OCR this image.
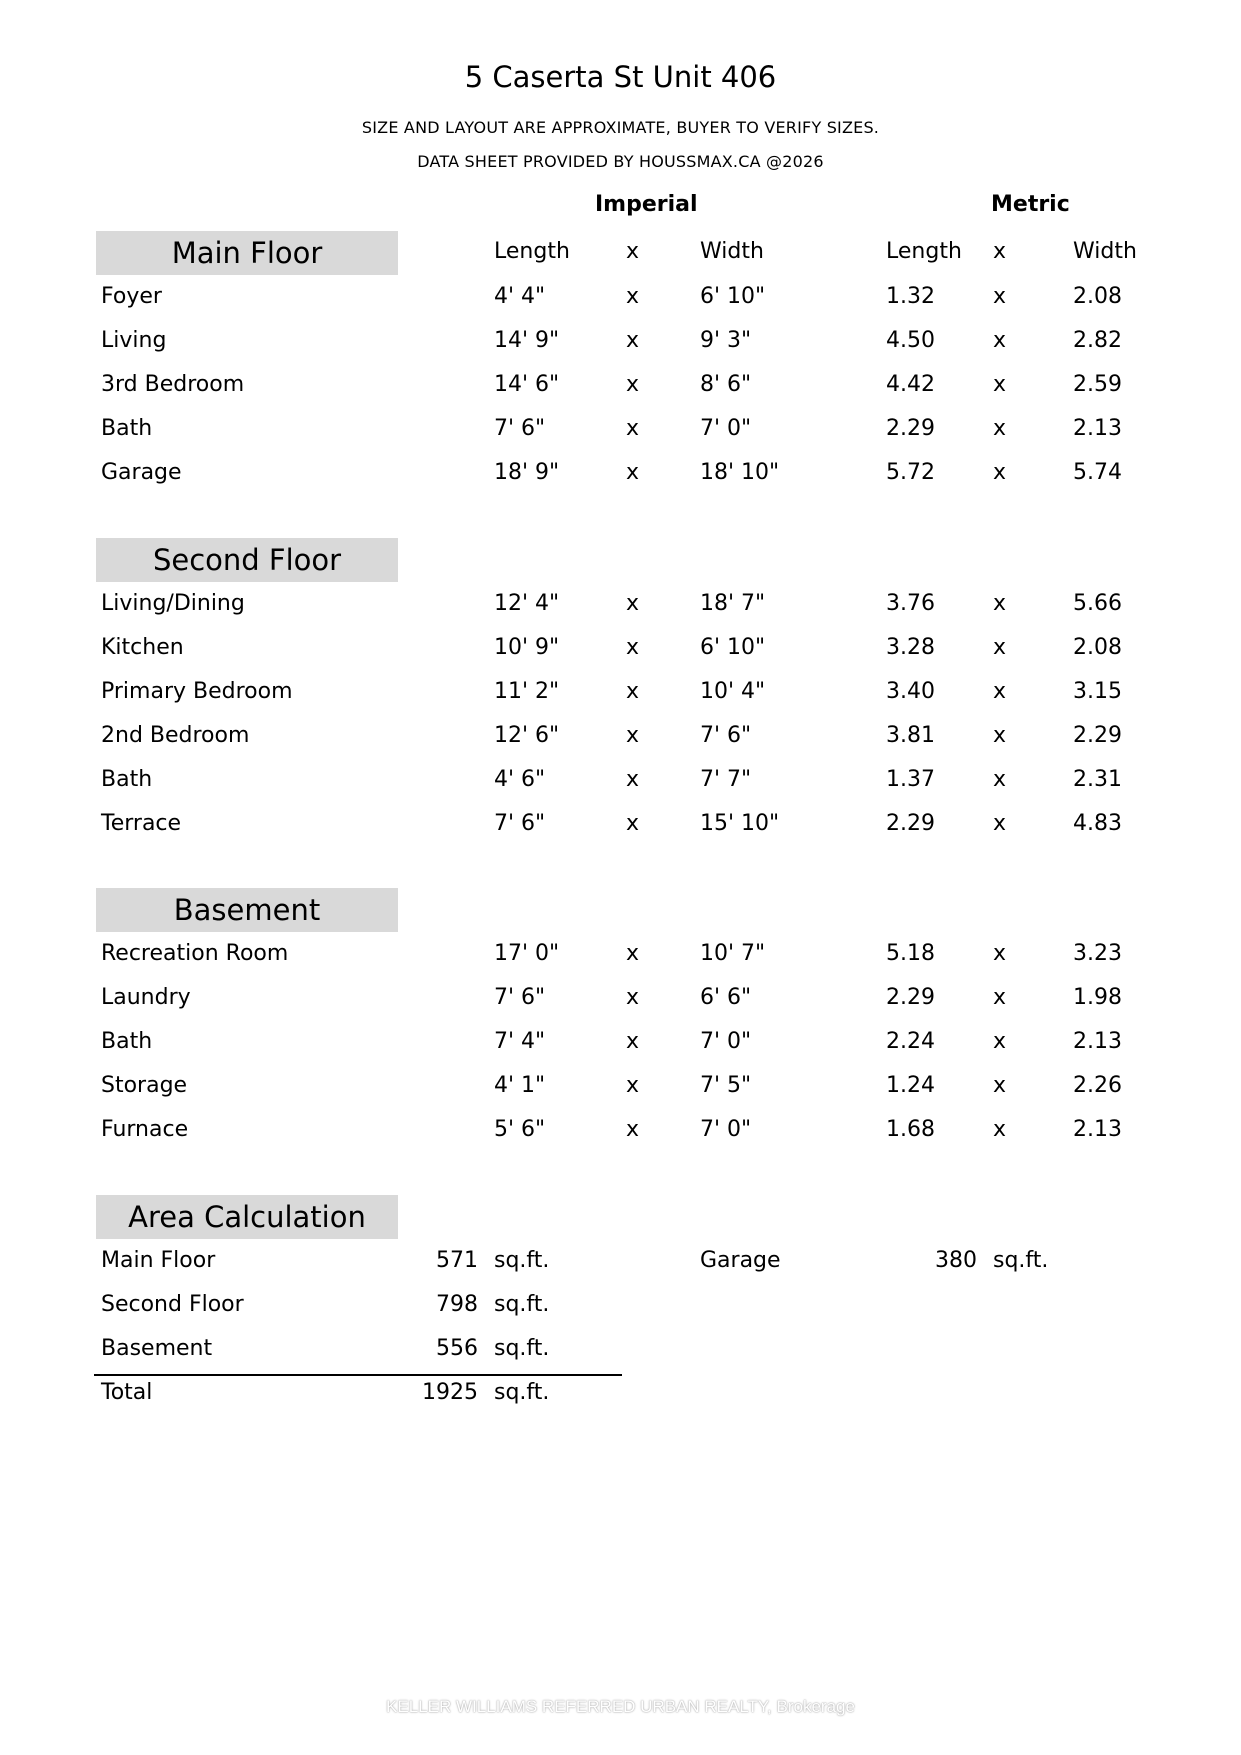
5 Caserta St Unit 406
SIZE AND LAYOUT ARE APPROXIMATE, BUYER TO VERIFY SIZES.
DATA SHEET PROVIDED BY HOUSSMAX.CA @2026
Imperial	Metric
Main Floor	Length	x	Width	Length x	Width
Foyer	4' 4"	x	6' 10"	1.32	x	2.08
Living	14' 9"	x	9' 3"	4.50	x	2.82
3rd Bedroom	14' 6"	x	8' 6"	4.42	x	2.59
Bath	7' 6"	x	7' 0"	2.29	x	2.13
Garage	18' 9"	x	18' 10"	5.72	x	5.74
Second Floor
Living/Dining	12' 4"	x	18' 7"	3.76	x	5.66
Kitchen	10' 9"	x	6' 10"	3.28	x	2.08
Primary Bedroom	11' 2"	x	10' 4"	3.40	x	3.15
2nd Bedroom	12' 6"	x	7' 6"	3.81	x	2.29
Bath	4' 6"	x	7' 7"	1.37	x	2.31
Terrace	7' 6"	x	15' 10"	2.29	x	4.83
Basement
Recreation Room	17' 0"	x	10' 7"	5.18	x	3.23
Laundry	7' 6"	x	6' 6"	2.29	x	1.98
Bath	7' 4"	x	7' 0"	2.24	x	2.13
Storage	4' 1"	x	7' 5"	1.24	x	2.26
Furnace	5' 6"	x	7' 0"	1.68	x	2.13
Area Calculation
Main Floor	571 sq.ft.	Garage	380 sq.ft.
Second Floor	798 sq.ft.
Basement	556 sq.ft.
Total	1925 sq.ft.
KELLER WILLIAMS REFERRED URBAN REALTY, Brokerage
